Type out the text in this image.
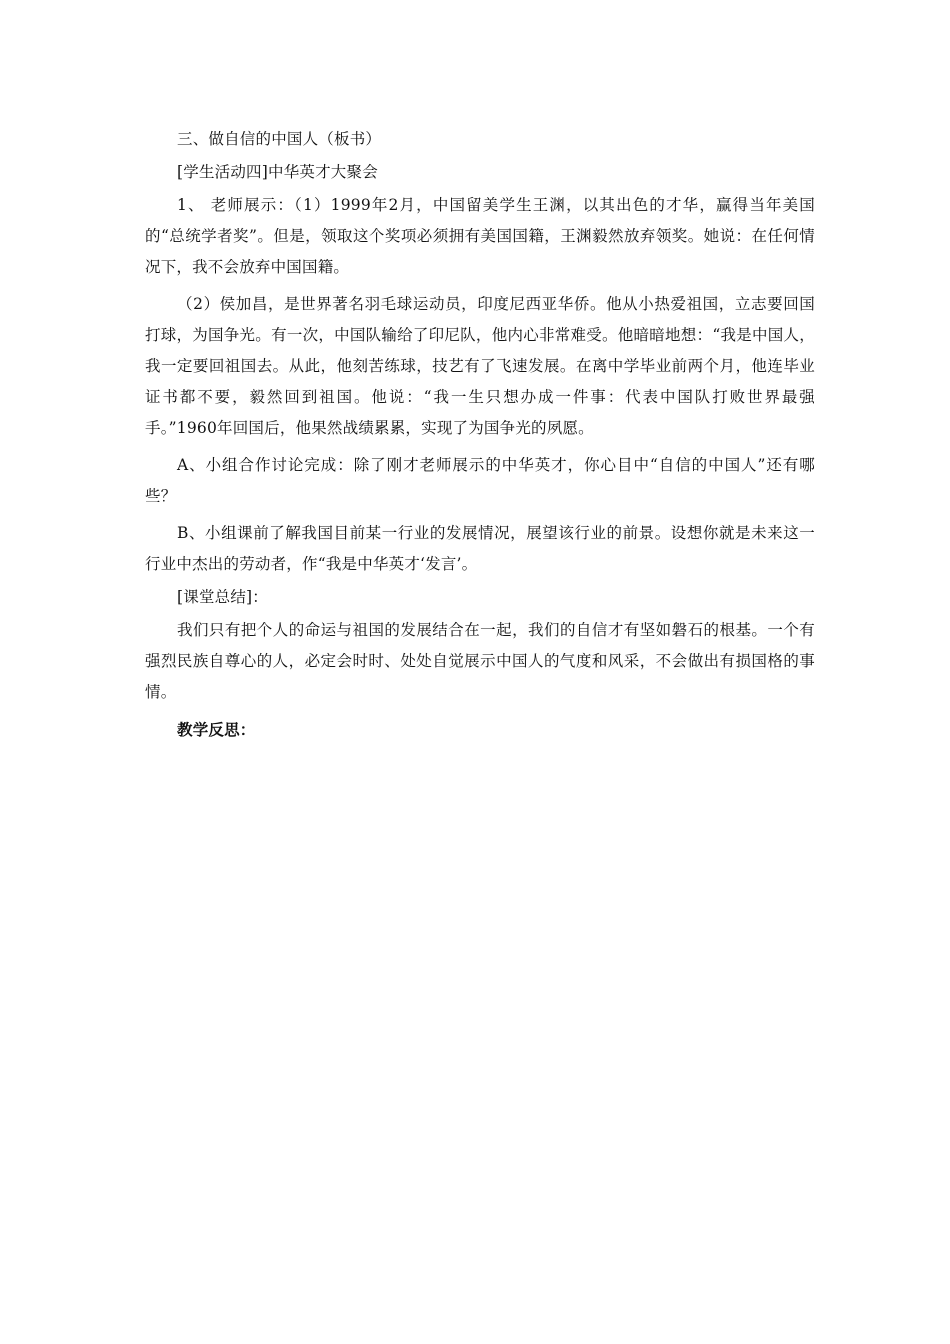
三、做自信的中国人（板书）

[学生活动四]中华英才大聚会

1、 老师展示：（1）1999年2月，中国留美学生王渊，以其出色的才华，赢得当年美国的“总统学者奖”。但是，领取这个奖项必须拥有美国国籍，王渊毅然放弃领奖。她说：在任何情况下，我不会放弃中国国籍。

（2）侯加昌，是世界著名羽毛球运动员，印度尼西亚华侨。他从小热爱祖国，立志要回国打球，为国争光。有一次，中国队输给了印尼队，他内心非常难受。他暗暗地想：“我是中国人，我一定要回祖国去。从此，他刻苦练球，技艺有了飞速发展。在离中学毕业前两个月，他连毕业证书都不要，毅然回到祖国。他说：“我一生只想办成一件事：代表中国队打败世界最强手。”1960年回国后，他果然战绩累累，实现了为国争光的夙愿。

A、小组合作讨论完成：除了刚才老师展示的中华英才，你心目中“自信的中国人”还有哪些？

B、小组课前了解我国目前某一行业的发展情况，展望该行业的前景。设想你就是未来这一行业中杰出的劳动者，作“我是中华英才‘发言’。

[课堂总结]：

我们只有把个人的命运与祖国的发展结合在一起，我们的自信才有坚如磐石的根基。一个有强烈民族自尊心的人，必定会时时、处处自觉展示中国人的气度和风采，不会做出有损国格的事情。

教学反思：
